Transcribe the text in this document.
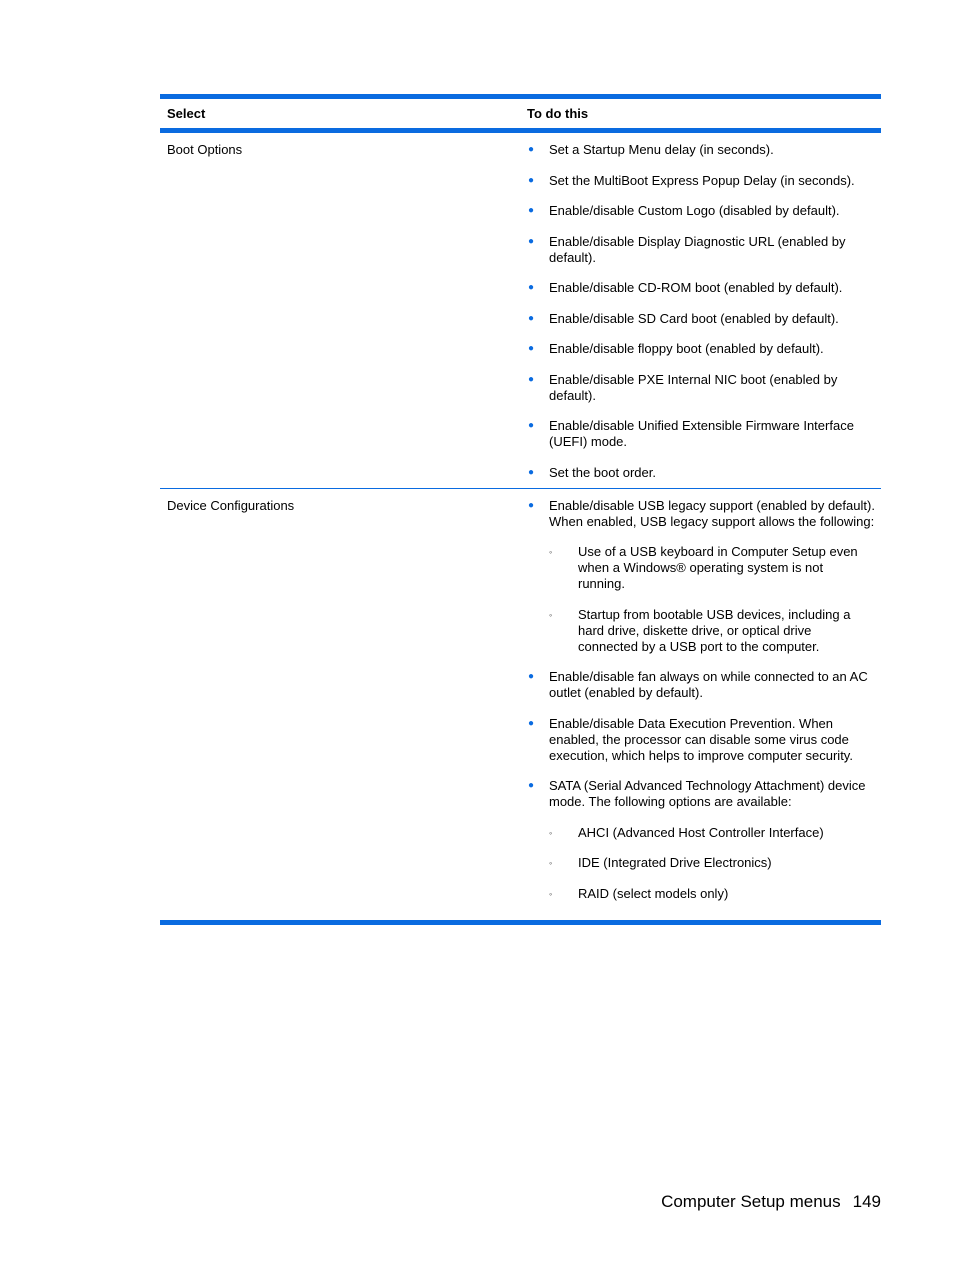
Select	To do this
Boot Options	●	Set a Startup Menu delay (in seconds).
●	Set the MultiBoot Express Popup Delay (in seconds).
●	Enable/disable Custom Logo (disabled by default).
●	Enable/disable Display Diagnostic URL (enabled by default).
●	Enable/disable CD-ROM boot (enabled by default).
●	Enable/disable SD Card boot (enabled by default).
●	Enable/disable floppy boot (enabled by default).
●	Enable/disable PXE Internal NIC boot (enabled by default).
●	Enable/disable Unified Extensible Firmware Interface (UEFI) mode.
●	Set the boot order.
Device Configurations	●	Enable/disable USB legacy support (enabled by default). When enabled, USB legacy support allows the following:
◦	Use of a USB keyboard in Computer Setup even when a Windows® operating system is not running.
◦	Startup from bootable USB devices, including a hard drive, diskette drive, or optical drive connected by a USB port to the computer.
●	Enable/disable fan always on while connected to an AC outlet (enabled by default).
●	Enable/disable Data Execution Prevention. When enabled, the processor can disable some virus code execution, which helps to improve computer security.
●	SATA (Serial Advanced Technology Attachment) device mode. The following options are available:
◦	AHCI (Advanced Host Controller Interface)
◦	IDE (Integrated Drive Electronics)
◦	RAID (select models only)
Computer Setup menus 149
